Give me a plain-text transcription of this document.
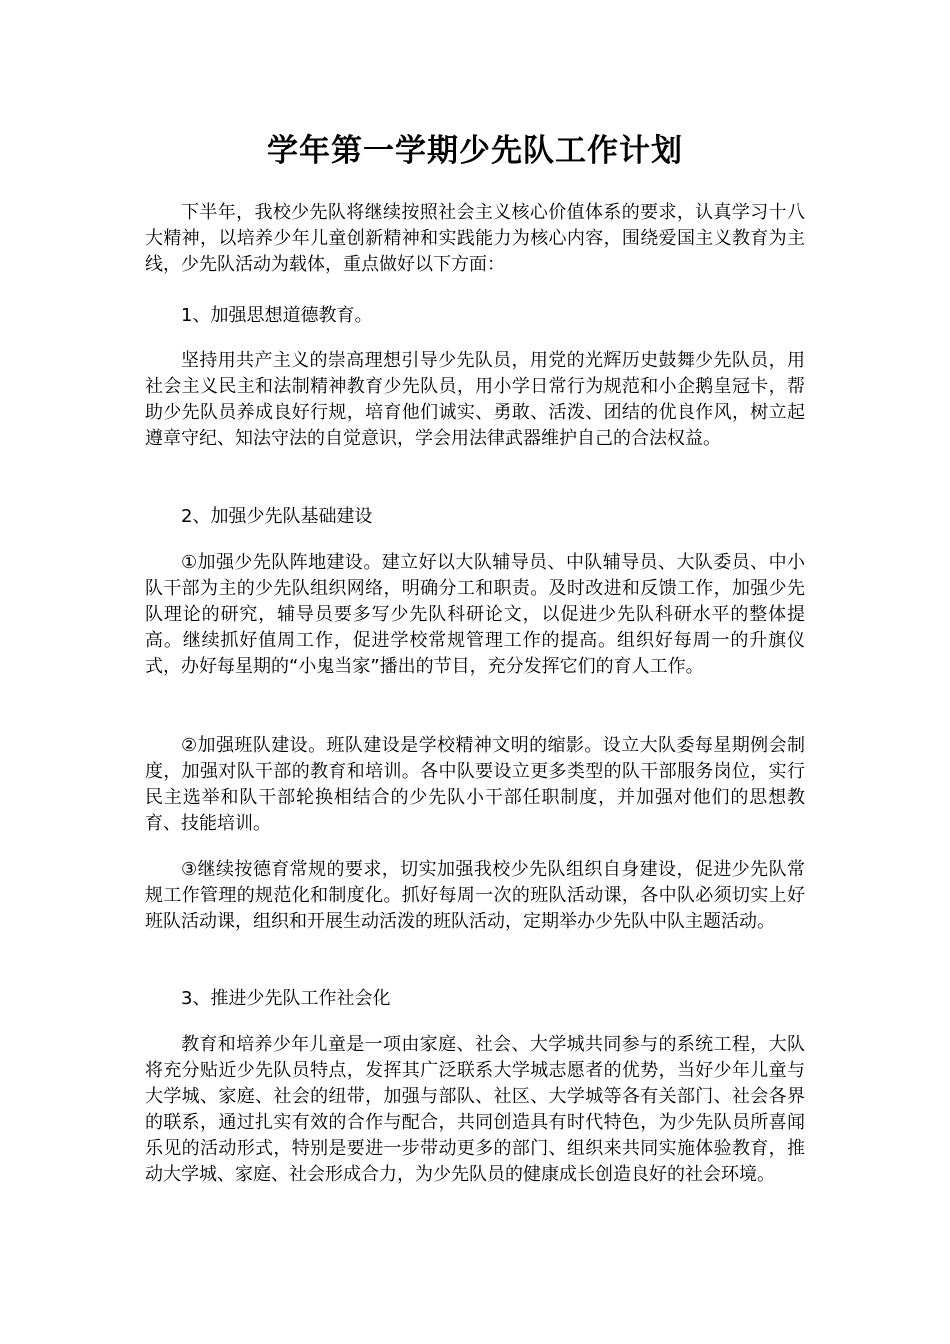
学年第一学期少先队工作计划

下半年，我校少先队将继续按照社会主义核心价值体系的要求，认真学习十八大精神，以培养少年儿童创新精神和实践能力为核心内容，围绕爱国主义教育为主线，少先队活动为载体，重点做好以下方面：

1、加强思想道德教育。

坚持用共产主义的崇高理想引导少先队员，用党的光辉历史鼓舞少先队员，用社会主义民主和法制精神教育少先队员，用小学日常行为规范和小企鹅皇冠卡，帮助少先队员养成良好行规，培育他们诚实、勇敢、活泼、团结的优良作风，树立起遵章守纪、知法守法的自觉意识，学会用法律武器维护自己的合法权益。

2、加强少先队基础建设

①加强少先队阵地建设。建立好以大队辅导员、中队辅导员、大队委员、中小队干部为主的少先队组织网络，明确分工和职责。及时改进和反馈工作，加强少先队理论的研究，辅导员要多写少先队科研论文，以促进少先队科研水平的整体提高。继续抓好值周工作，促进学校常规管理工作的提高。组织好每周一的升旗仪式，办好每星期的“小鬼当家”播出的节目，充分发挥它们的育人工作。

②加强班队建设。班队建设是学校精神文明的缩影。设立大队委每星期例会制度，加强对队干部的教育和培训。各中队要设立更多类型的队干部服务岗位，实行民主选举和队干部轮换相结合的少先队小干部任职制度，并加强对他们的思想教育、技能培训。

③继续按德育常规的要求，切实加强我校少先队组织自身建设，促进少先队常规工作管理的规范化和制度化。抓好每周一次的班队活动课，各中队必须切实上好班队活动课，组织和开展生动活泼的班队活动，定期举办少先队中队主题活动。

3、推进少先队工作社会化

教育和培养少年儿童是一项由家庭、社会、大学城共同参与的系统工程，大队将充分贴近少先队员特点，发挥其广泛联系大学城志愿者的优势，当好少年儿童与大学城、家庭、社会的纽带，加强与部队、社区、大学城等各有关部门、社会各界的联系，通过扎实有效的合作与配合，共同创造具有时代特色，为少先队员所喜闻乐见的活动形式，特别是要进一步带动更多的部门、组织来共同实施体验教育，推动大学城、家庭、社会形成合力，为少先队员的健康成长创造良好的社会环境。
